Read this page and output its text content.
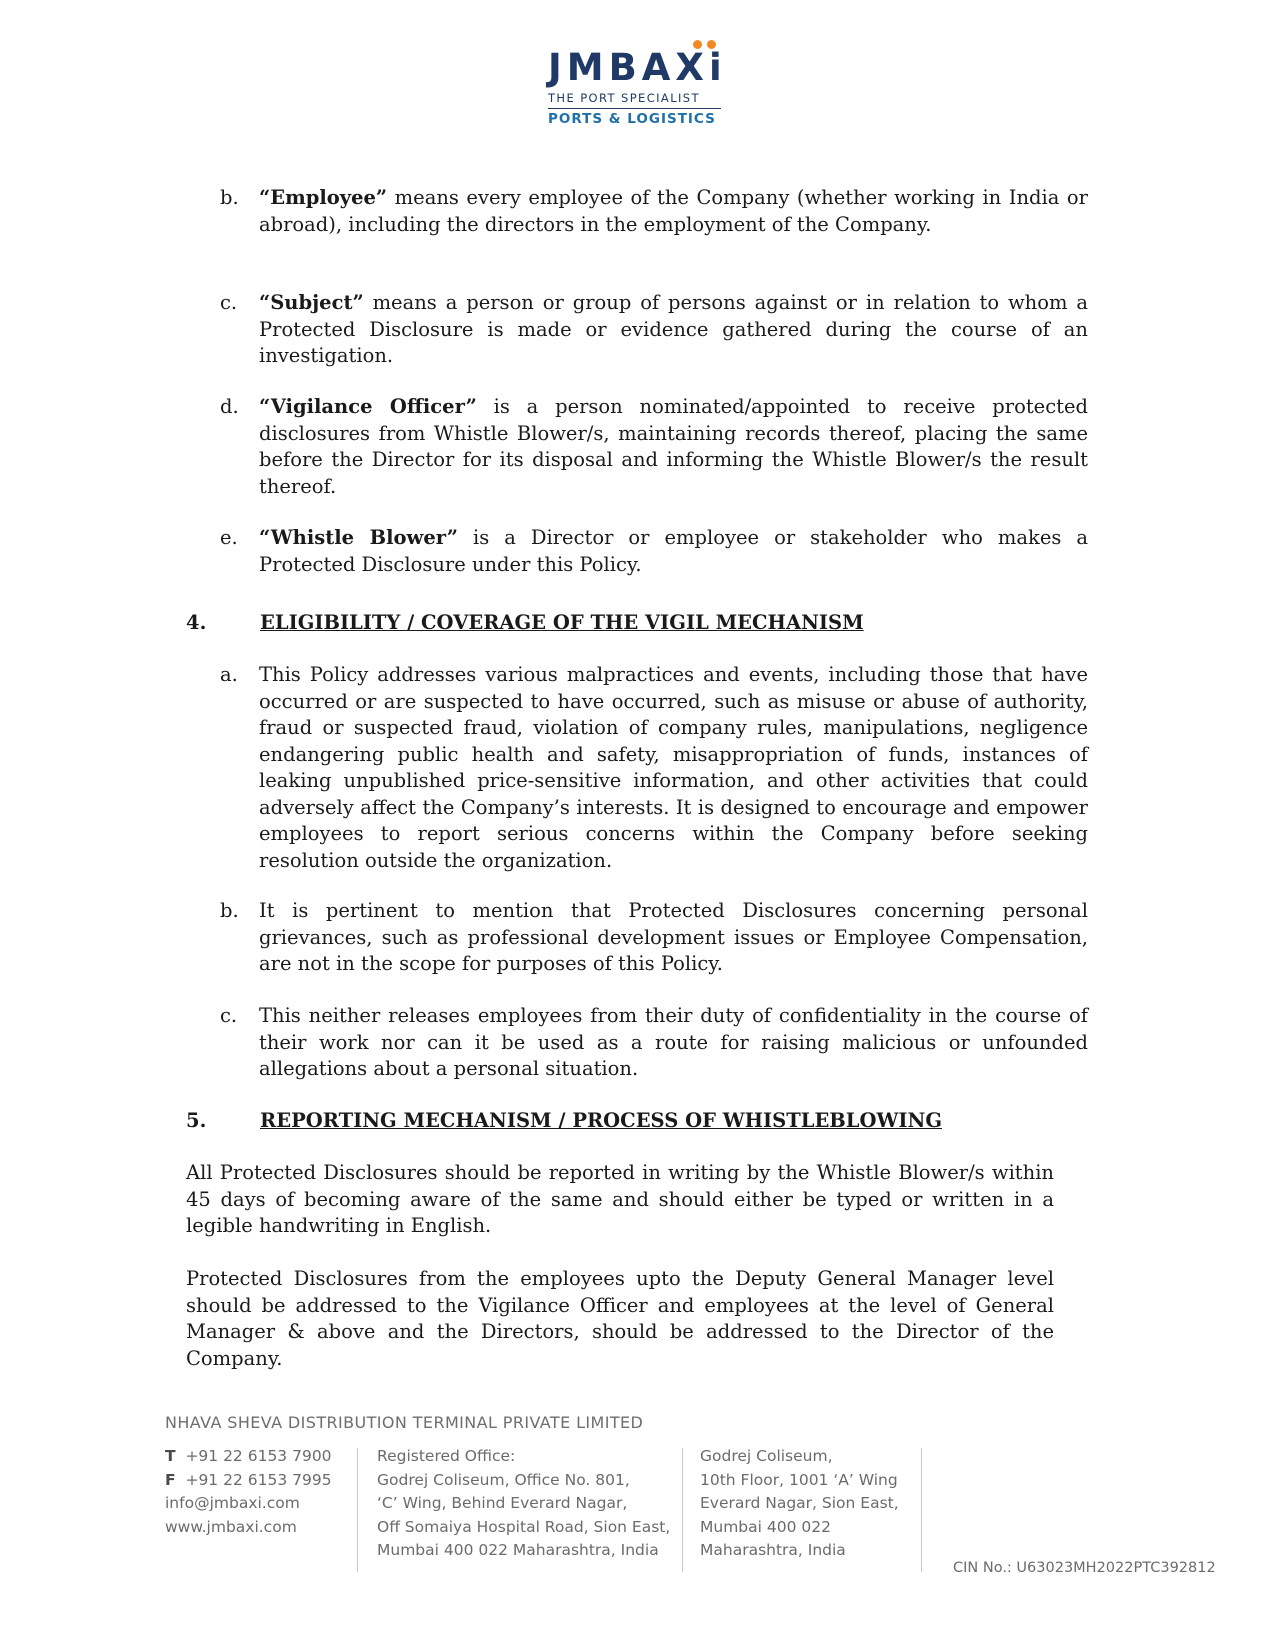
JMBAXi
THE PORT SPECIALIST
PORTS & LOGISTICS
b. “Employee” means every employee of the Company (whether working in India or abroad), including the directors in the employment of the Company.
c. “Subject” means a person or group of persons against or in relation to whom a Protected Disclosure is made or evidence gathered during the course of an investigation.
d. “Vigilance Officer” is a person nominated/appointed to receive protected disclosures from Whistle Blower/s, maintaining records thereof, placing the same before the Director for its disposal and informing the Whistle Blower/s the result thereof.
e. “Whistle Blower” is a Director or employee or stakeholder who makes a Protected Disclosure under this Policy.
4.	ELIGIBILITY / COVERAGE OF THE VIGIL MECHANISM
a. This Policy addresses various malpractices and events, including those that have occurred or are suspected to have occurred, such as misuse or abuse of authority, fraud or suspected fraud, violation of company rules, manipulations, negligence endangering public health and safety, misappropriation of funds, instances of leaking unpublished price-sensitive information, and other activities that could adversely affect the Company’s interests. It is designed to encourage and empower employees to report serious concerns within the Company before seeking resolution outside the organization.
b. It is pertinent to mention that Protected Disclosures concerning personal grievances, such as professional development issues or Employee Compensation, are not in the scope for purposes of this Policy.
c. This neither releases employees from their duty of confidentiality in the course of their work nor can it be used as a route for raising malicious or unfounded allegations about a personal situation.
5.	REPORTING MECHANISM / PROCESS OF WHISTLEBLOWING
All Protected Disclosures should be reported in writing by the Whistle Blower/s within 45 days of becoming aware of the same and should either be typed or written in a legible handwriting in English.
Protected Disclosures from the employees upto the Deputy General Manager level should be addressed to the Vigilance Officer and employees at the level of General Manager & above and the Directors, should be addressed to the Director of the Company.
NHAVA SHEVA DISTRIBUTION TERMINAL PRIVATE LIMITED
T +91 22 6153 7900
F +91 22 6153 7995
info@jmbaxi.com
www.jmbaxi.com
Registered Office:
Godrej Coliseum, Office No. 801,
‘C’ Wing, Behind Everard Nagar,
Off Somaiya Hospital Road, Sion East,
Mumbai 400 022 Maharashtra, India
Godrej Coliseum,
10th Floor, 1001 ‘A’ Wing
Everard Nagar, Sion East,
Mumbai 400 022
Maharashtra, India
CIN No.: U63023MH2022PTC392812
